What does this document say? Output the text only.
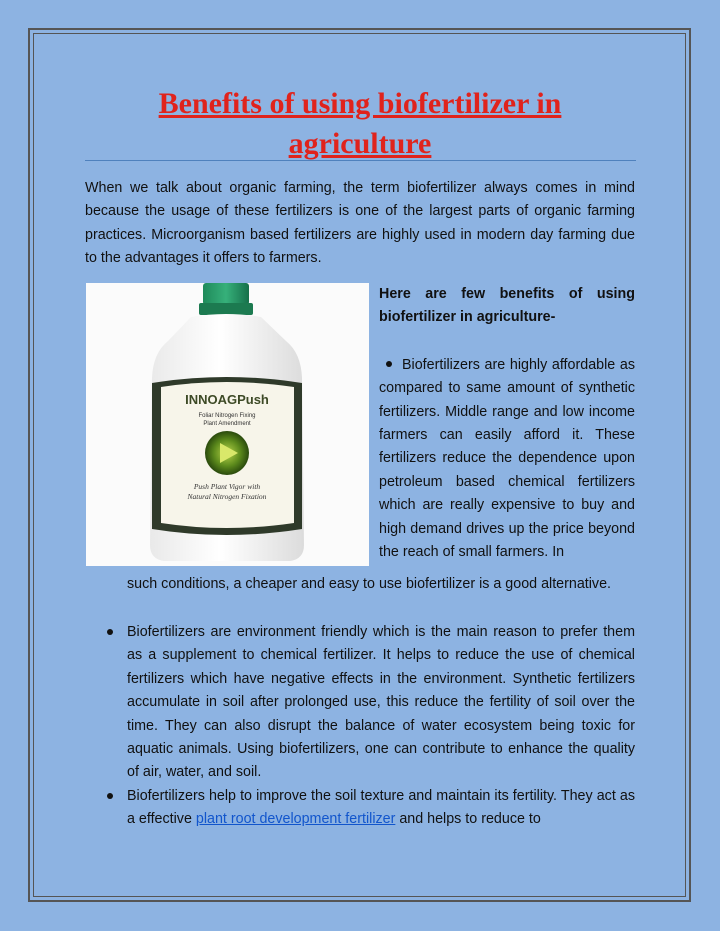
Benefits of using biofertilizer in agriculture

When we talk about organic farming, the term biofertilizer always comes in mind because the usage of these fertilizers is one of the largest parts of organic farming practices. Microorganism based fertilizers are highly used in modern day farming due to the advantages it offers to farmers.

INNOAGPush
Foliar Nitrogen Fixing
Plant Amendment
Push Plant Vigor with
Natural Nitrogen Fixation

Here are few benefits of using

biofertilizer in agriculture-

Biofertilizers are highly affordable as compared to same amount of synthetic fertilizers. Middle range and low income farmers can easily afford it. These fertilizers reduce the dependence upon petroleum based chemical fertilizers which are really expensive to buy and high demand drives up the price beyond the reach of small farmers. In

such conditions, a cheaper and easy to use biofertilizer is a good alternative.

Biofertilizers are environment friendly which is the main reason to prefer them as a supplement to chemical fertilizer. It helps to reduce the use of chemical fertilizers which have negative effects in the environment. Synthetic fertilizers accumulate in soil after prolonged use, this reduce the fertility of soil over the time. They can also disrupt the balance of water ecosystem being toxic for aquatic animals. Using biofertilizers, one can contribute to enhance the quality of air, water, and soil.

Biofertilizers help to improve the soil texture and maintain its fertility. They act as a effective plant root development fertilizer and helps to reduce to
